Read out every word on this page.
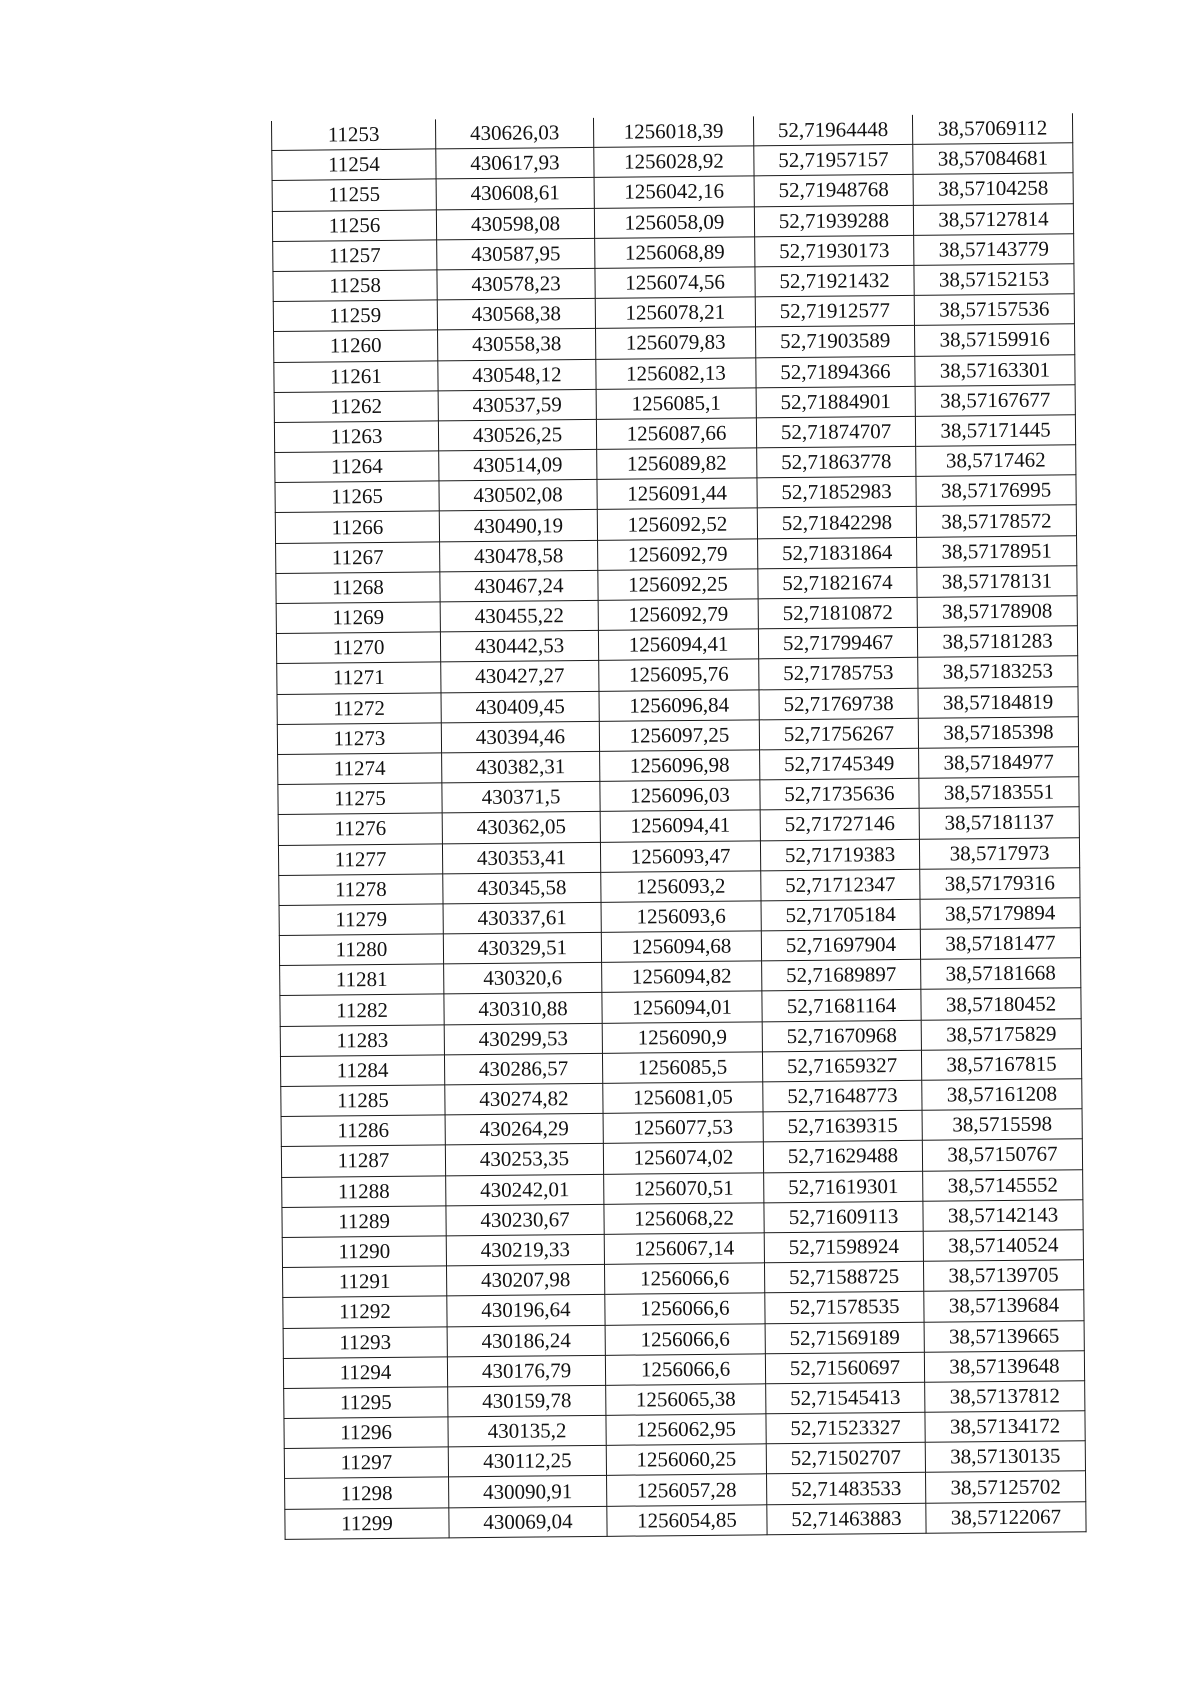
11253	430626,03	1256018,39	52,71964448	38,57069112
11254	430617,93	1256028,92	52,71957157	38,57084681
11255	430608,61	1256042,16	52,71948768	38,57104258
11256	430598,08	1256058,09	52,71939288	38,57127814
11257	430587,95	1256068,89	52,71930173	38,57143779
11258	430578,23	1256074,56	52,71921432	38,57152153
11259	430568,38	1256078,21	52,71912577	38,57157536
11260	430558,38	1256079,83	52,71903589	38,57159916
11261	430548,12	1256082,13	52,71894366	38,57163301
11262	430537,59	1256085,1	52,71884901	38,57167677
11263	430526,25	1256087,66	52,71874707	38,57171445
11264	430514,09	1256089,82	52,71863778	38,5717462
11265	430502,08	1256091,44	52,71852983	38,57176995
11266	430490,19	1256092,52	52,71842298	38,57178572
11267	430478,58	1256092,79	52,71831864	38,57178951
11268	430467,24	1256092,25	52,71821674	38,57178131
11269	430455,22	1256092,79	52,71810872	38,57178908
11270	430442,53	1256094,41	52,71799467	38,57181283
11271	430427,27	1256095,76	52,71785753	38,57183253
11272	430409,45	1256096,84	52,71769738	38,57184819
11273	430394,46	1256097,25	52,71756267	38,57185398
11274	430382,31	1256096,98	52,71745349	38,57184977
11275	430371,5	1256096,03	52,71735636	38,57183551
11276	430362,05	1256094,41	52,71727146	38,57181137
11277	430353,41	1256093,47	52,71719383	38,5717973
11278	430345,58	1256093,2	52,71712347	38,57179316
11279	430337,61	1256093,6	52,71705184	38,57179894
11280	430329,51	1256094,68	52,71697904	38,57181477
11281	430320,6	1256094,82	52,71689897	38,57181668
11282	430310,88	1256094,01	52,71681164	38,57180452
11283	430299,53	1256090,9	52,71670968	38,57175829
11284	430286,57	1256085,5	52,71659327	38,57167815
11285	430274,82	1256081,05	52,71648773	38,57161208
11286	430264,29	1256077,53	52,71639315	38,5715598
11287	430253,35	1256074,02	52,71629488	38,57150767
11288	430242,01	1256070,51	52,71619301	38,57145552
11289	430230,67	1256068,22	52,71609113	38,57142143
11290	430219,33	1256067,14	52,71598924	38,57140524
11291	430207,98	1256066,6	52,71588725	38,57139705
11292	430196,64	1256066,6	52,71578535	38,57139684
11293	430186,24	1256066,6	52,71569189	38,57139665
11294	430176,79	1256066,6	52,71560697	38,57139648
11295	430159,78	1256065,38	52,71545413	38,57137812
11296	430135,2	1256062,95	52,71523327	38,57134172
11297	430112,25	1256060,25	52,71502707	38,57130135
11298	430090,91	1256057,28	52,71483533	38,57125702
11299	430069,04	1256054,85	52,71463883	38,57122067
